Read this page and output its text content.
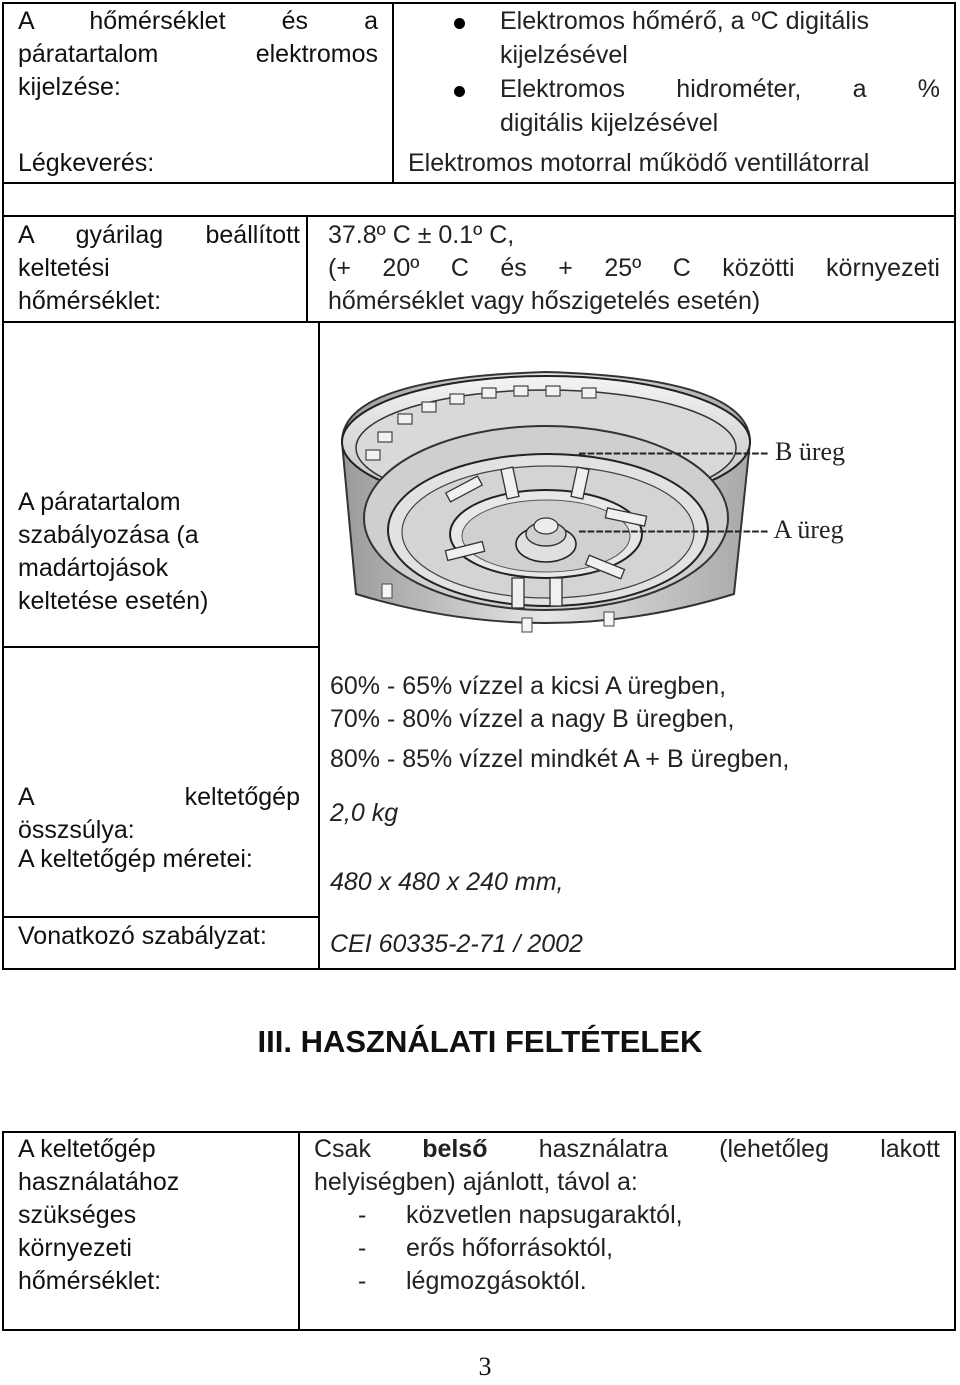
A hőmérséklet és a
páratartalom elektromos
kijelzése:
Elektromos hőmérő, a ºC digitális
kijelzésével
Elektromos hidrométer, a %
digitális kijelzésével
Légkeverés:	Elektromos motorral működő ventillátorral
A gyárilag beállított
keltetési
hőmérséklet:
37.8º C ± 0.1º C,
(+ 20º C és + 25º C közötti környezeti
hőmérséklet vagy hőszigetelés esetén)
A páratartalom
szabályozása (a
madártojások
keltetése esetén)
---------------------- B üreg
---------------------- A üreg
60% - 65% vízzel a kicsi A üregben,
70% - 80% vízzel a nagy B üregben,
80% - 85% vízzel mindkét A + B üregben,
A keltetőgép
összsúlya:
2,0 kg
A keltetőgép méretei:
480 x 480 x 240 mm,
Vonatkozó szabályzat:	CEI 60335-2-71 / 2002
III. HASZNÁLATI FELTÉTELEK
A keltetőgép
használatához
szükséges
környezeti
hőmérséklet:
Csak belső használatra (lehetőleg lakott
helyiségben) ajánlott, távol a:
- közvetlen napsugaraktól,
- erős hőforrásoktól,
- légmozgásoktól.
3
